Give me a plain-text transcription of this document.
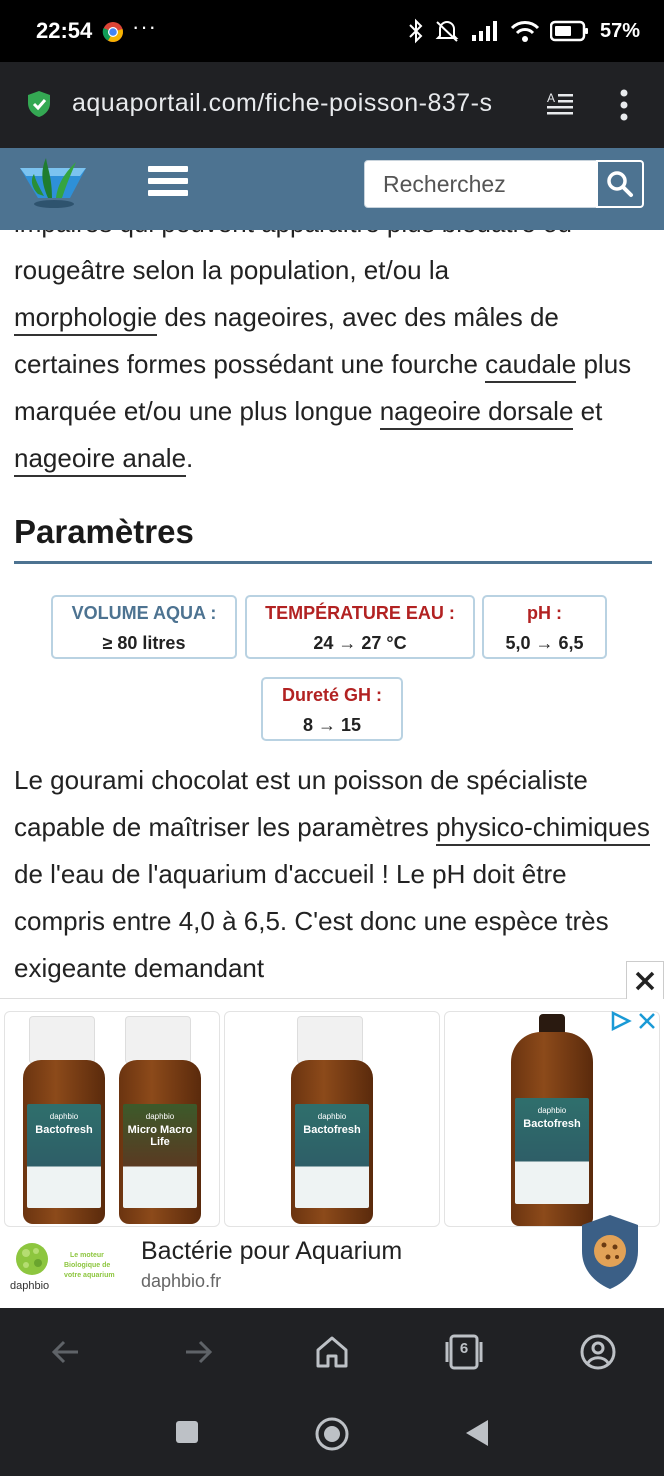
22:54 ···	57%
aquaportail.com/fiche-poisson-837-s	A
Recherchez
rougeâtre selon la population, et/ou la
morphologie des nageoires, avec des mâles de certaines formes possédant une fourche caudale plus marquée et/ou une plus longue nageoire dorsale et nageoire anale.
Paramètres
VOLUME AQUA :
≥ 80 litres
TEMPÉRATURE EAU :
24 → 27 °C
pH :
5,0 → 6,5
Dureté GH :
8 → 15
Le gourami chocolat est un poisson de spécialiste capable de maîtriser les paramètres physico-chimiques de l'eau de l'aquarium d'accueil ! Le pH doit être compris entre 4,0 à 6,5. C'est donc une espèce très exigeante demandant
daphbio
Bactofresh
daphbio
Micro Macro Life
daphbio
Bactofresh
daphbio
Bactofresh
daphbio
Le moteur
Biologique de
votre aquarium
Bactérie pour Aquarium
daphbio.fr
6
